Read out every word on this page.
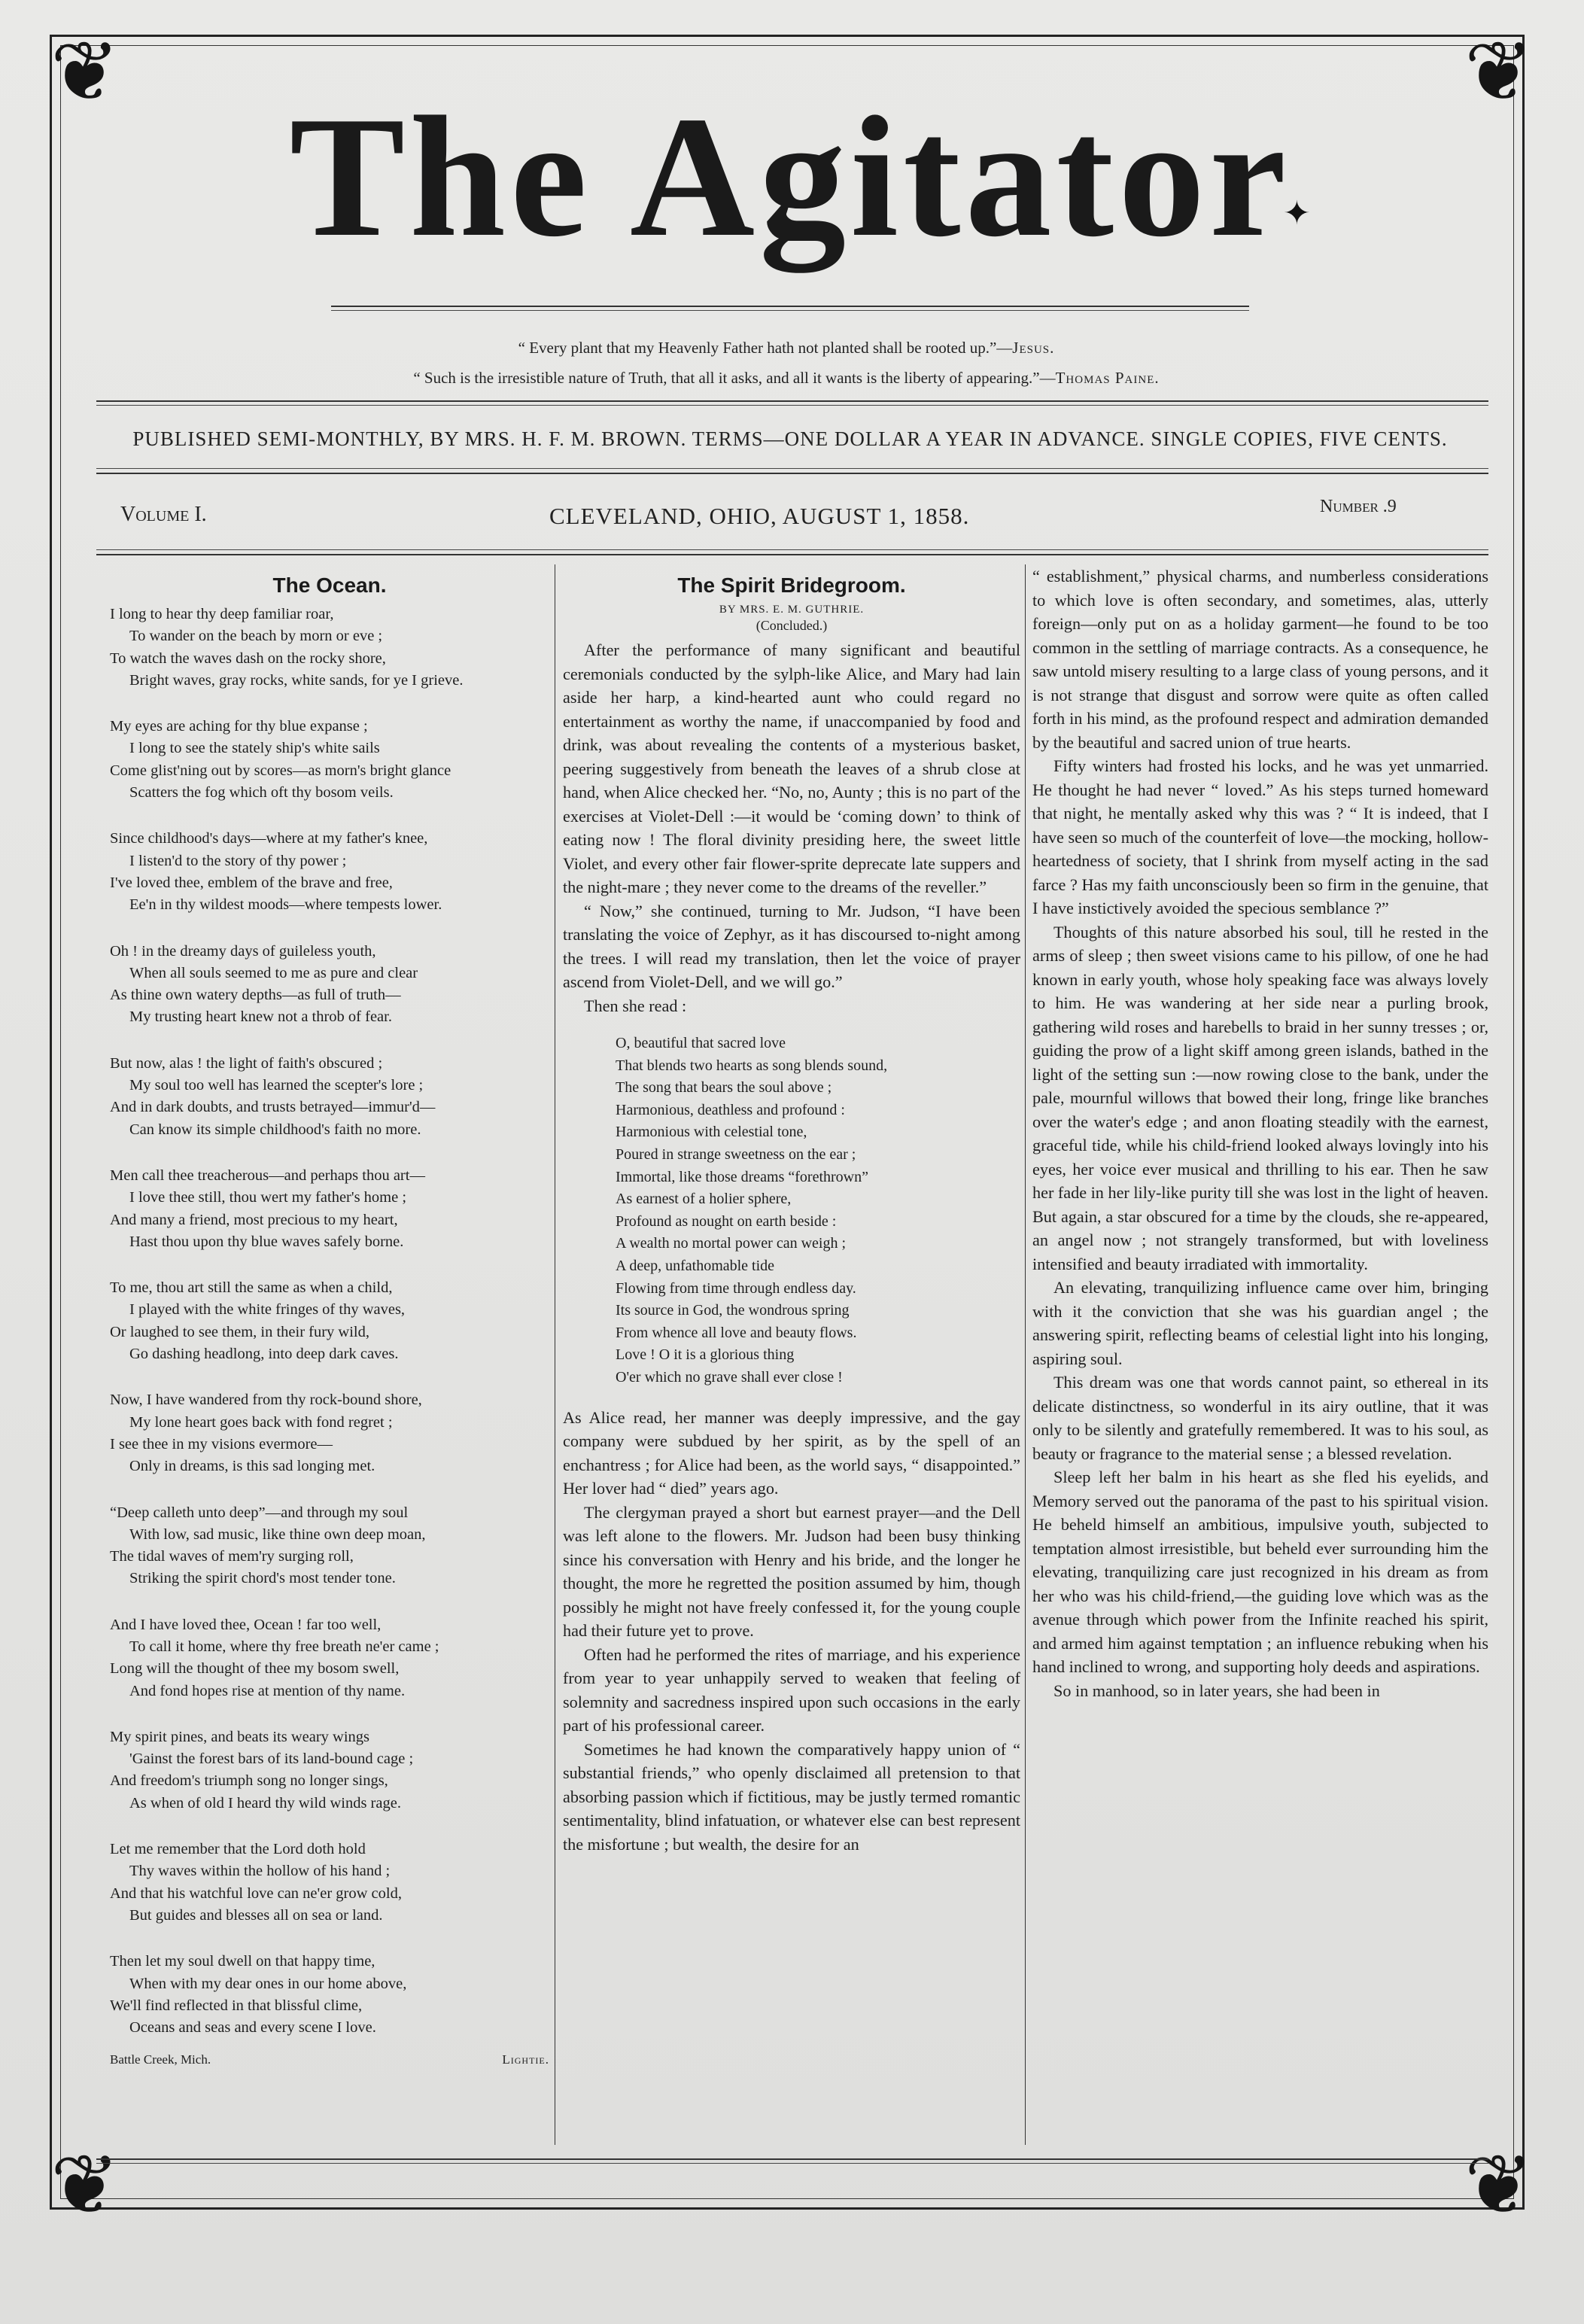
❦	❦
❦	❦
The Agitator
✦
“ Every plant that my Heavenly Father hath not planted shall be rooted up.”—Jesus.
“ Such is the irresistible nature of Truth, that all it asks, and all it wants is the liberty of appearing.”—Thomas Paine.
PUBLISHED SEMI-MONTHLY, BY MRS. H. F. M. BROWN. TERMS—ONE DOLLAR A YEAR IN ADVANCE. SINGLE COPIES, FIVE CENTS.
Volume I.	CLEVELAND, OHIO, AUGUST 1, 1858.	Number .9
The Ocean.
I long to hear thy deep familiar roar,
To wander on the beach by morn or eve ;
To watch the waves dash on the rocky shore,
Bright waves, gray rocks, white sands, for ye I grieve.
My eyes are aching for thy blue expanse ;
I long to see the stately ship's white sails
Come glist'ning out by scores—as morn's bright glance
Scatters the fog which oft thy bosom veils.
Since childhood's days—where at my father's knee,
I listen'd to the story of thy power ;
I've loved thee, emblem of the brave and free,
Ee'n in thy wildest moods—where tempests lower.
Oh ! in the dreamy days of guileless youth,
When all souls seemed to me as pure and clear
As thine own watery depths—as full of truth—
My trusting heart knew not a throb of fear.
But now, alas ! the light of faith's obscured ;
My soul too well has learned the scepter's lore ;
And in dark doubts, and trusts betrayed—immur'd—
Can know its simple childhood's faith no more.
Men call thee treacherous—and perhaps thou art—
I love thee still, thou wert my father's home ;
And many a friend, most precious to my heart,
Hast thou upon thy blue waves safely borne.
To me, thou art still the same as when a child,
I played with the white fringes of thy waves,
Or laughed to see them, in their fury wild,
Go dashing headlong, into deep dark caves.
Now, I have wandered from thy rock-bound shore,
My lone heart goes back with fond regret ;
I see thee in my visions evermore—
Only in dreams, is this sad longing met.
“Deep calleth unto deep”—and through my soul
With low, sad music, like thine own deep moan,
The tidal waves of mem'ry surging roll,
Striking the spirit chord's most tender tone.
And I have loved thee, Ocean ! far too well,
To call it home, where thy free breath ne'er came ;
Long will the thought of thee my bosom swell,
And fond hopes rise at mention of thy name.
My spirit pines, and beats its weary wings
'Gainst the forest bars of its land-bound cage ;
And freedom's triumph song no longer sings,
As when of old I heard thy wild winds rage.
Let me remember that the Lord doth hold
Thy waves within the hollow of his hand ;
And that his watchful love can ne'er grow cold,
But guides and blesses all on sea or land.
Then let my soul dwell on that happy time,
When with my dear ones in our home above,
We'll find reflected in that blissful clime,
Oceans and seas and every scene I love.
Battle Creek, Mich.	Lightie.
The Spirit Bridegroom.
BY MRS. E. M. GUTHRIE.
(Concluded.)

After the performance of many significant and beautiful ceremonials conducted by the sylph-like Alice, and Mary had lain aside her harp, a kind-hearted aunt who could regard no entertainment as worthy the name, if unaccompanied by food and drink, was about revealing the contents of a mysterious basket, peering suggestively from beneath the leaves of a shrub close at hand, when Alice checked her. “No, no, Aunty ; this is no part of the exercises at Violet-Dell :—it would be ‘coming down’ to think of eating now ! The floral divinity presiding here, the sweet little Violet, and every other fair flower-sprite deprecate late suppers and the night-mare ; they never come to the dreams of the reveller.”

“ Now,” she continued, turning to Mr. Judson, “I have been translating the voice of Zephyr, as it has discoursed to-night among the trees. I will read my translation, then let the voice of prayer ascend from Violet-Dell, and we will go.”

Then she read :

O, beautiful that sacred love
That blends two hearts as song blends sound,
The song that bears the soul above ;
Harmonious, deathless and profound :
Harmonious with celestial tone,
Poured in strange sweetness on the ear ;
Immortal, like those dreams “forethrown”
As earnest of a holier sphere,
Profound as nought on earth beside :
A wealth no mortal power can weigh ;
A deep, unfathomable tide
Flowing from time through endless day.
Its source in God, the wondrous spring
From whence all love and beauty flows.
Love ! O it is a glorious thing
O'er which no grave shall ever close !

As Alice read, her manner was deeply impressive, and the gay company were subdued by her spirit, as by the spell of an enchantress ; for Alice had been, as the world says, “ disappointed.” Her lover had “ died” years ago.

The clergyman prayed a short but earnest prayer—and the Dell was left alone to the flowers. Mr. Judson had been busy thinking since his conversation with Henry and his bride, and the longer he thought, the more he regretted the position assumed by him, though possibly he might not have freely confessed it, for the young couple had their future yet to prove.

Often had he performed the rites of marriage, and his experience from year to year unhappily served to weaken that feeling of solemnity and sacredness inspired upon such occasions in the early part of his professional career.

Sometimes he had known the comparatively happy union of “ substantial friends,” who openly disclaimed all pretension to that absorbing passion which if fictitious, may be justly termed romantic sentimentality, blind infatuation, or whatever else can best represent the misfortune ; but wealth, the desire for an

“ establishment,” physical charms, and numberless considerations to which love is often secondary, and sometimes, alas, utterly foreign—only put on as a holiday garment—he found to be too common in the settling of marriage contracts. As a consequence, he saw untold misery resulting to a large class of young persons, and it is not strange that disgust and sorrow were quite as often called forth in his mind, as the profound respect and admiration demanded by the beautiful and sacred union of true hearts.

Fifty winters had frosted his locks, and he was yet unmarried. He thought he had never “ loved.” As his steps turned homeward that night, he mentally asked why this was ? “ It is indeed, that I have seen so much of the counterfeit of love—the mocking, hollow-heartedness of society, that I shrink from myself acting in the sad farce ? Has my faith unconsciously been so firm in the genuine, that I have instictively avoided the specious semblance ?”

Thoughts of this nature absorbed his soul, till he rested in the arms of sleep ; then sweet visions came to his pillow, of one he had known in early youth, whose holy speaking face was always lovely to him. He was wandering at her side near a purling brook, gathering wild roses and harebells to braid in her sunny tresses ; or, guiding the prow of a light skiff among green islands, bathed in the light of the setting sun :—now rowing close to the bank, under the pale, mournful willows that bowed their long, fringe like branches over the water's edge ; and anon floating steadily with the earnest, graceful tide, while his child-friend looked always lovingly into his eyes, her voice ever musical and thrilling to his ear. Then he saw her fade in her lily-like purity till she was lost in the light of heaven. But again, a star obscured for a time by the clouds, she re-appeared, an angel now ; not strangely transformed, but with loveliness intensified and beauty irradiated with immortality.

An elevating, tranquilizing influence came over him, bringing with it the conviction that she was his guardian angel ; the answering spirit, reflecting beams of celestial light into his longing, aspiring soul.

This dream was one that words cannot paint, so ethereal in its delicate distinctness, so wonderful in its airy outline, that it was only to be silently and gratefully remembered. It was to his soul, as beauty or fragrance to the material sense ; a blessed revelation.

Sleep left her balm in his heart as she fled his eyelids, and Memory served out the panorama of the past to his spiritual vision. He beheld himself an ambitious, impulsive youth, subjected to temptation almost irresistible, but beheld ever surrounding him the elevating, tranquilizing care just recognized in his dream as from her who was his child-friend,—the guiding love which was as the avenue through which power from the Infinite reached his spirit, and armed him against temptation ; an influence rebuking when his hand inclined to wrong, and supporting holy deeds and aspirations.

So in manhood, so in later years, she had been in
